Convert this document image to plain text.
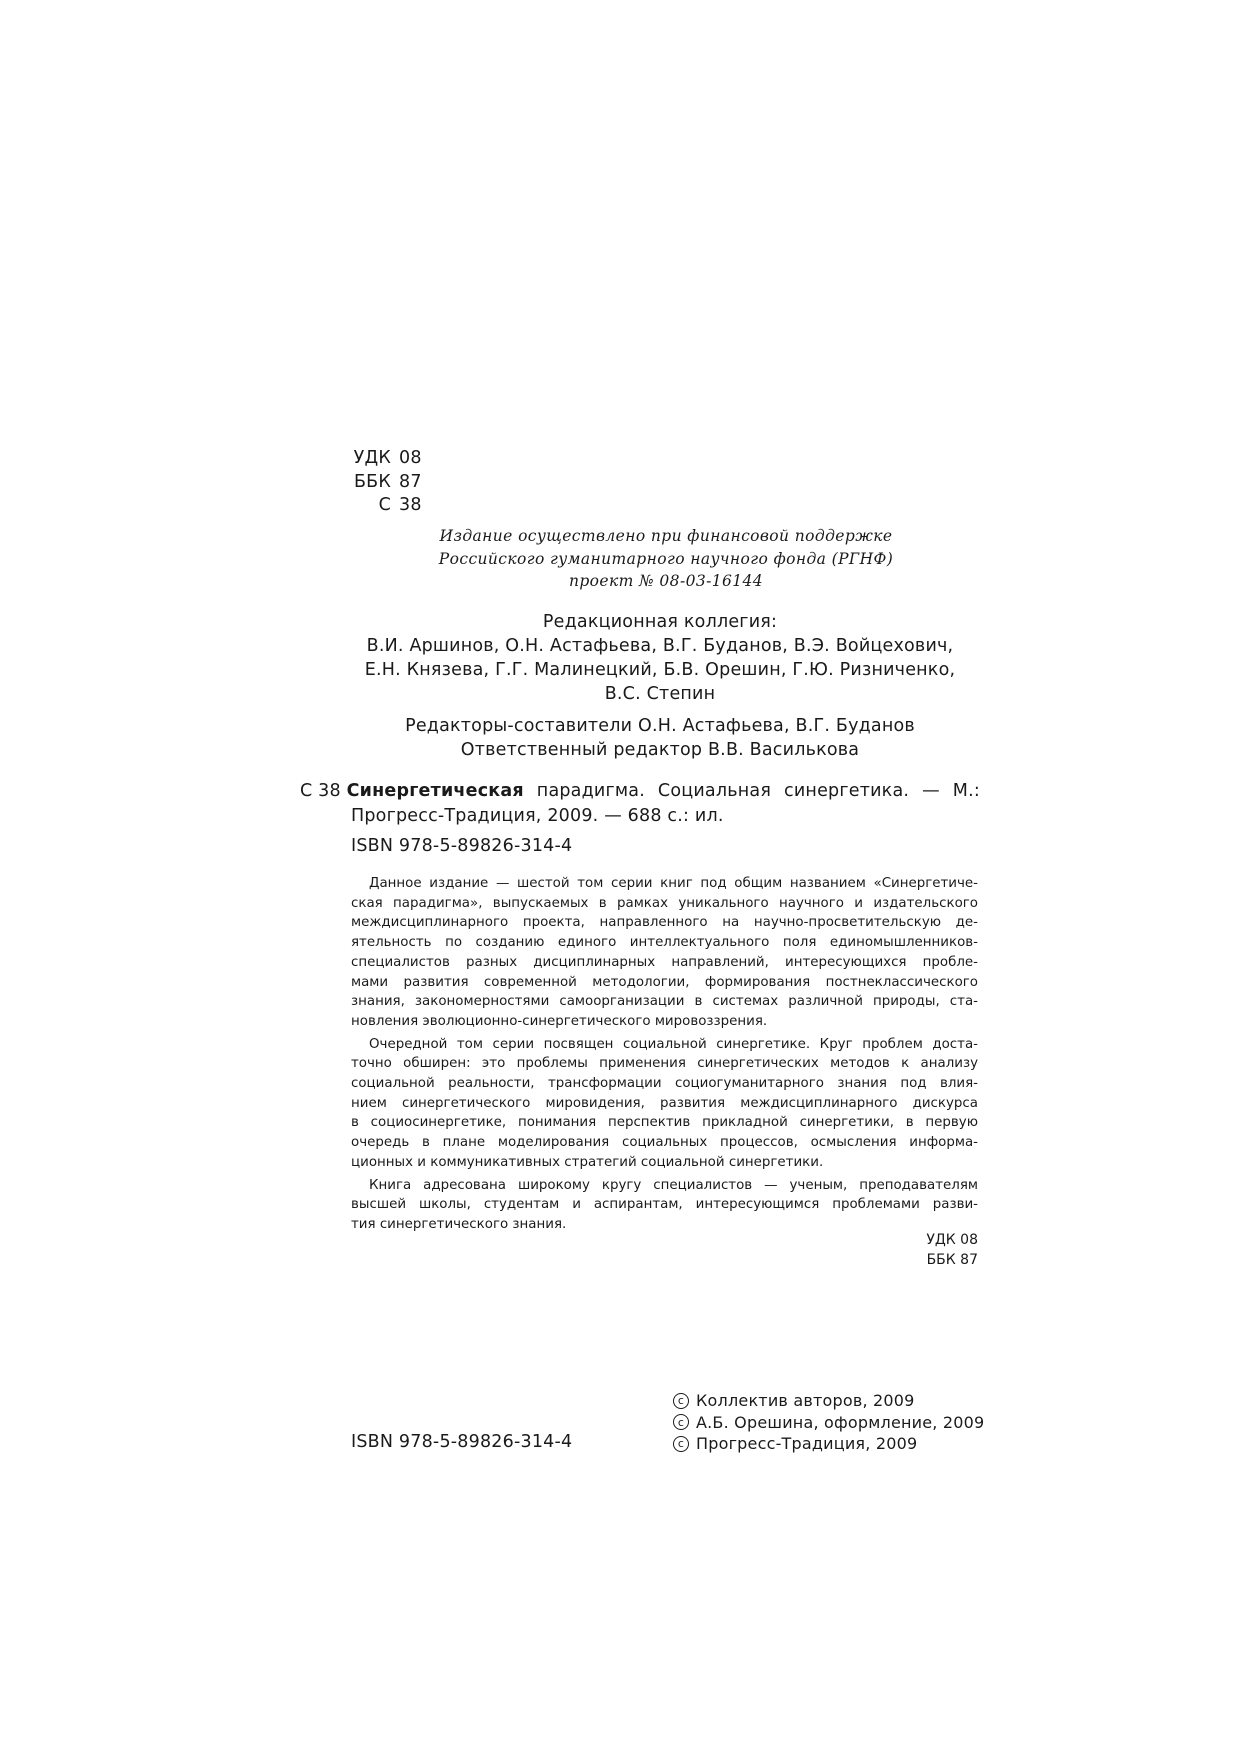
УДК 08
ББК 87
С 38
Издание осуществлено при финансовой поддержке
Российского гуманитарного научного фонда (РГНФ)
проект № 08-03-16144
Редакционная коллегия:
В.И. Аршинов, О.Н. Астафьева, В.Г. Буданов, В.Э. Войцехович,
Е.Н. Князева, Г.Г. Малинецкий, Б.В. Орешин, Г.Ю. Ризниченко,
В.С. Степин
Редакторы-составители О.Н. Астафьева, В.Г. Буданов
Ответственный редактор В.В. Василькова
С 38 Синергетическая парадигма. Социальная синергетика. — М.:
Прогресс-Традиция, 2009. — 688 с.: ил.
ISBN 978-5-89826-314-4
Данное издание — шестой том серии книг под общим названием «Синергетиче-
ская парадигма», выпускаемых в рамках уникального научного и издательского
междисциплинарного проекта, направленного на научно-просветительскую де-
ятельность по созданию единого интеллектуального поля единомышленников-
специалистов разных дисциплинарных направлений, интересующихся пробле-
мами развития современной методологии, формирования постнеклассического
знания, закономерностями самоорганизации в системах различной природы, ста-
новления эволюционно-синергетического мировоззрения.
Очередной том серии посвящен социальной синергетике. Круг проблем доста-
точно обширен: это проблемы применения синергетических методов к анализу
социальной реальности, трансформации социогуманитарного знания под влия-
нием синергетического мировидения, развития междисциплинарного дискурса
в социосинергетике, понимания перспектив прикладной синергетики, в первую
очередь в плане моделирования социальных процессов, осмысления информа-
ционных и коммуникативных стратегий социальной синергетики.
Книга адресована широкому кругу специалистов — ученым, преподавателям
высшей школы, студентам и аспирантам, интересующимся проблемами разви-
тия синергетического знания.
УДК 08
ББК 87
ISBN 978-5-89826-314-4
c Коллектив авторов, 2009
c А.Б. Орешина, оформление, 2009
c Прогресс-Традиция, 2009
